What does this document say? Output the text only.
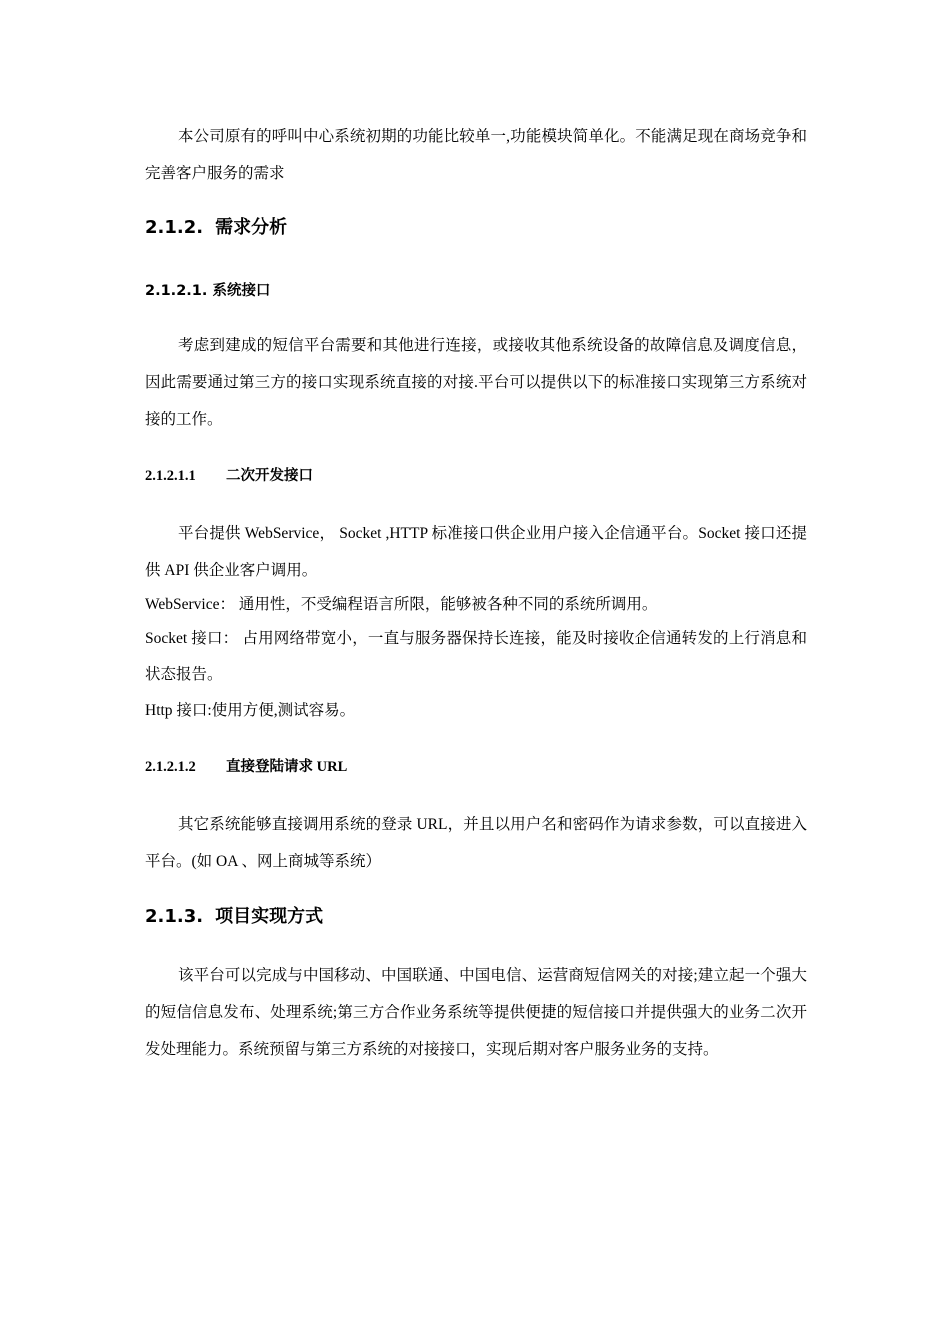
本公司原有的呼叫中心系统初期的功能比较单一,功能模块简单化。不能满足现在商场竞争和完善客户服务的需求

2.1.2. 需求分析
2.1.2.1. 系统接口

考虑到建成的短信平台需要和其他进行连接，或接收其他系统设备的故障信息及调度信息，因此需要通过第三方的接口实现系统直接的对接.平台可以提供以下的标准接口实现第三方系统对接的工作。

2.1.2.1.1 二次开发接口

平台提供 WebService， Socket ,HTTP 标准接口供企业用户接入企信通平台。Socket 接口还提供 API 供企业客户调用。

WebService： 通用性，不受编程语言所限，能够被各种不同的系统所调用。

Socket 接口： 占用网络带宽小，一直与服务器保持长连接，能及时接收企信通转发的上行消息和状态报告。

Http 接口:使用方便,测试容易。

2.1.2.1.2 直接登陆请求 URL

其它系统能够直接调用系统的登录 URL，并且以用户名和密码作为请求参数，可以直接进入平台。(如 OA 、网上商城等系统）

2.1.3. 项目实现方式

该平台可以完成与中国移动、中国联通、中国电信、运营商短信网关的对接;建立起一个强大的短信信息发布、处理系统;第三方合作业务系统等提供便捷的短信接口并提供强大的业务二次开发处理能力。系统预留与第三方系统的对接接口，实现后期对客户服务业务的支持。
